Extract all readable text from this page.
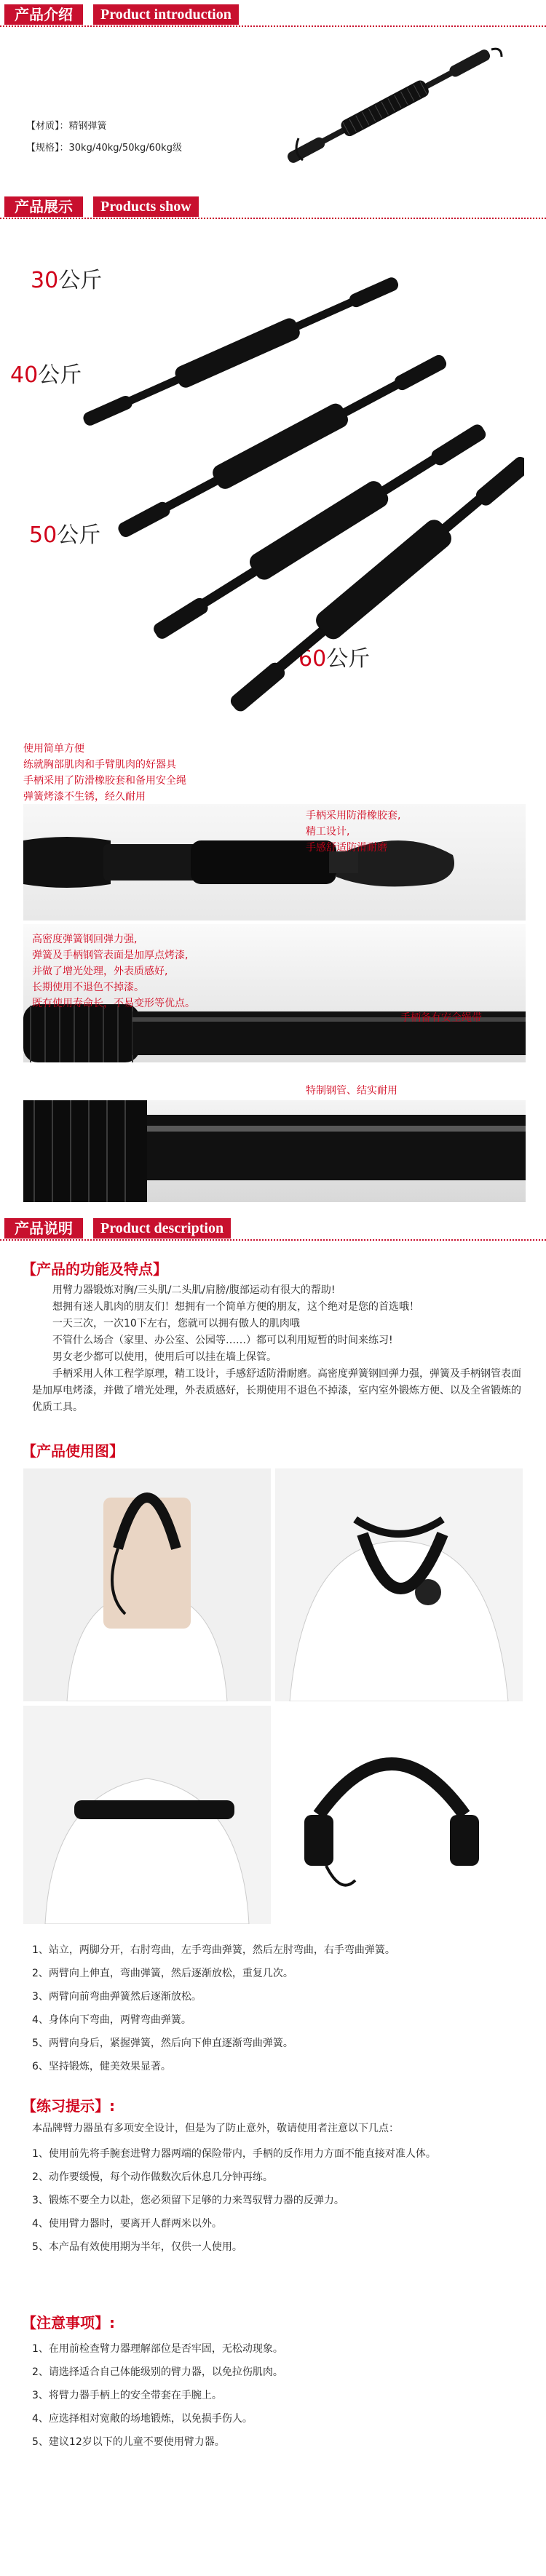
产品介绍	Product introduction
【材质】：精钢弹簧
【规格】：30kg/40kg/50kg/60kg级
产品展示	Products show
30公斤
40公斤
50公斤
60公斤
使用简单方便
练就胸部肌肉和手臂肌肉的好器具
手柄采用了防滑橡胶套和备用安全绳
弹簧烤漆不生锈，经久耐用
手柄采用防滑橡胶套,
精工设计,
手感舒适防滑耐磨
高密度弹簧钢回弹力强,
弹簧及手柄钢管表面是加厚点烤漆,
并做了增光处理，外表质感好,
长期使用不退色不掉漆。
既有使用寿命长，不易变形等优点。
手柄备有安全绳带
特制钢管、结实耐用
产品说明	Product description
【产品的功能及特点】
用臂力器锻炼对胸/三头肌/二头肌/肩膀/腹部运动有很大的帮助!
想拥有迷人肌肉的朋友们！想拥有一个简单方便的朋友，这个绝对是您的首选哦！
一天三次，一次10下左右，您就可以拥有傲人的肌肉哦
不管什么场合（家里、办公室、公园等……）都可以利用短暂的时间来练习!
男女老少都可以使用，使用后可以挂在墙上保管。
手柄采用人体工程学原理，精工设计，手感舒适防滑耐磨。高密度弹簧钢回弹力强，弹簧及手柄钢管表面是加厚电烤漆，并做了增光处理，外表质感好，长期使用不退色不掉漆，室内室外锻炼方便、以及全省锻炼的优质工具。
【产品使用图】
1、站立，两脚分开，右肘弯曲，左手弯曲弹簧，然后左肘弯曲，右手弯曲弹簧。
2、两臂向上伸直，弯曲弹簧，然后逐渐放松，重复几次。
3、两臂向前弯曲弹簧然后逐渐放松。
4、身体向下弯曲，两臂弯曲弹簧。
5、两臂向身后，紧握弹簧，然后向下伸直逐渐弯曲弹簧。
6、坚持锻炼，健美效果显著。
【练习提示】:
本品牌臂力器虽有多项安全设计，但是为了防止意外，敬请使用者注意以下几点：
1、使用前先将手腕套进臂力器两端的保险带内，手柄的反作用力方面不能直接对准人体。
2、动作要缓慢，每个动作做数次后休息几分钟再练。
3、锻炼不要全力以赴，您必须留下足够的力来驾驭臂力器的反弹力。
4、使用臂力器时，要离开人群两米以外。
5、本产品有效使用期为半年，仅供一人使用。
【注意事项】:
1、在用前检查臂力器理解部位是否牢固，无松动现象。
2、请选择适合自己体能级别的臂力器，以免拉伤肌肉。
3、将臂力器手柄上的安全带套在手腕上。
4、应选择相对宽敞的场地锻炼，以免损手伤人。
5、建议12岁以下的儿童不要使用臂力器。
